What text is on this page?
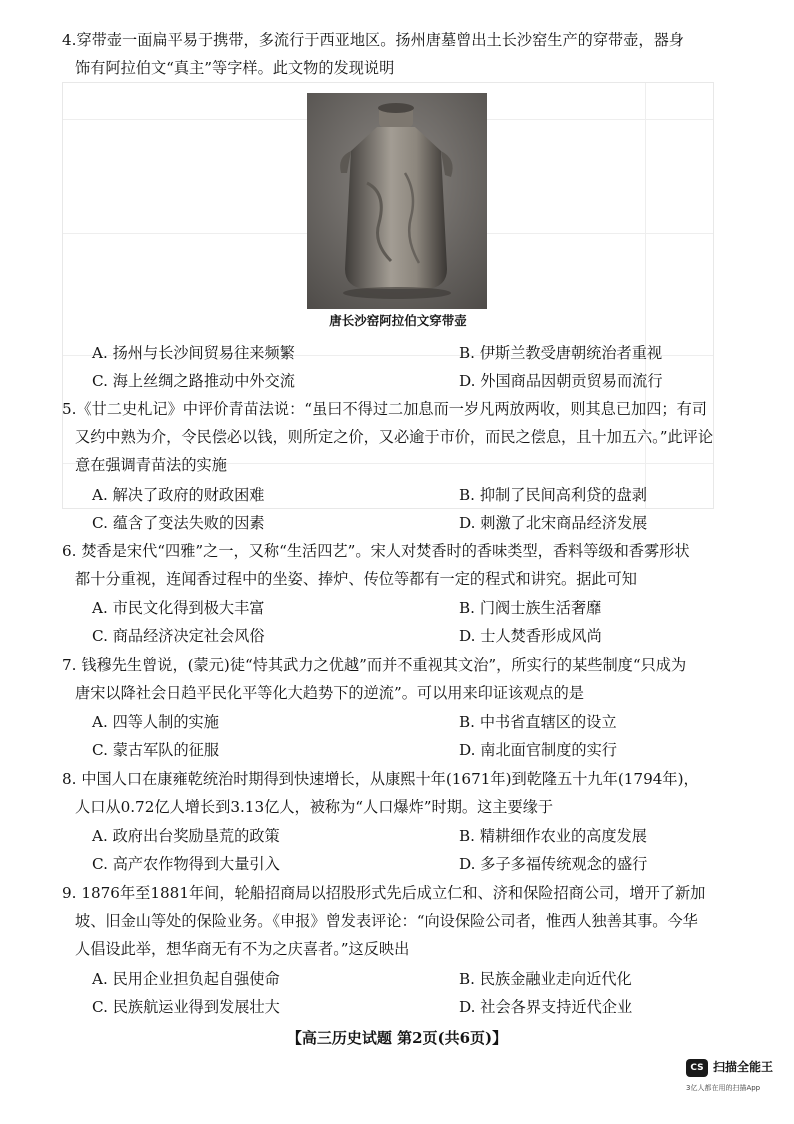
4.穿带壶一面扁平易于携带，多流行于西亚地区。扬州唐墓曾出土长沙窑生产的穿带壶，器身
饰有阿拉伯文“真主”等字样。此文物的发现说明
唐长沙窑阿拉伯文穿带壶
A. 扬州与长沙间贸易往来频繁	B. 伊斯兰教受唐朝统治者重视
C. 海上丝绸之路推动中外交流	D. 外国商品因朝贡贸易而流行
5.《廿二史札记》中评价青苗法说：“虽曰不得过二加息而一岁凡两放两收，则其息已加四；有司
又约中熟为介，令民偿必以钱，则所定之价，又必逾于市价，而民之偿息，且十加五六。”此评论
意在强调青苗法的实施
A. 解决了政府的财政困难	B. 抑制了民间高利贷的盘剥
C. 蕴含了变法失败的因素	D. 刺激了北宋商品经济发展
6. 焚香是宋代“四雅”之一，又称“生活四艺”。宋人对焚香时的香味类型，香料等级和香雾形状
都十分重视，连闻香过程中的坐姿、捧炉、传位等都有一定的程式和讲究。据此可知
A. 市民文化得到极大丰富	B. 门阀士族生活奢靡
C. 商品经济决定社会风俗	D. 士人焚香形成风尚
7. 钱穆先生曾说，(蒙元)徒“恃其武力之优越”而并不重视其文治”，所实行的某些制度“只成为
唐宋以降社会日趋平民化平等化大趋势下的逆流”。可以用来印证该观点的是
A. 四等人制的实施	B. 中书省直辖区的设立
C. 蒙古军队的征服	D. 南北面官制度的实行
8. 中国人口在康雍乾统治时期得到快速增长，从康熙十年(1671年)到乾隆五十九年(1794年)，
人口从0.72亿人增长到3.13亿人，被称为“人口爆炸”时期。这主要缘于
A. 政府出台奖励垦荒的政策	B. 精耕细作农业的高度发展
C. 高产农作物得到大量引入	D. 多子多福传统观念的盛行
9. 1876年至1881年间，轮船招商局以招股形式先后成立仁和、济和保险招商公司，增开了新加
坡、旧金山等处的保险业务。《申报》曾发表评论：“向设保险公司者，惟西人独善其事。今华
人倡设此举，想华商无有不为之庆喜者。”这反映出
A. 民用企业担负起自强使命	B. 民族金融业走向近代化
C. 民族航运业得到发展壮大	D. 社会各界支持近代企业
【高三历史试题 第2页(共6页)】
CS 扫描全能王
3亿人都在用的扫描App
